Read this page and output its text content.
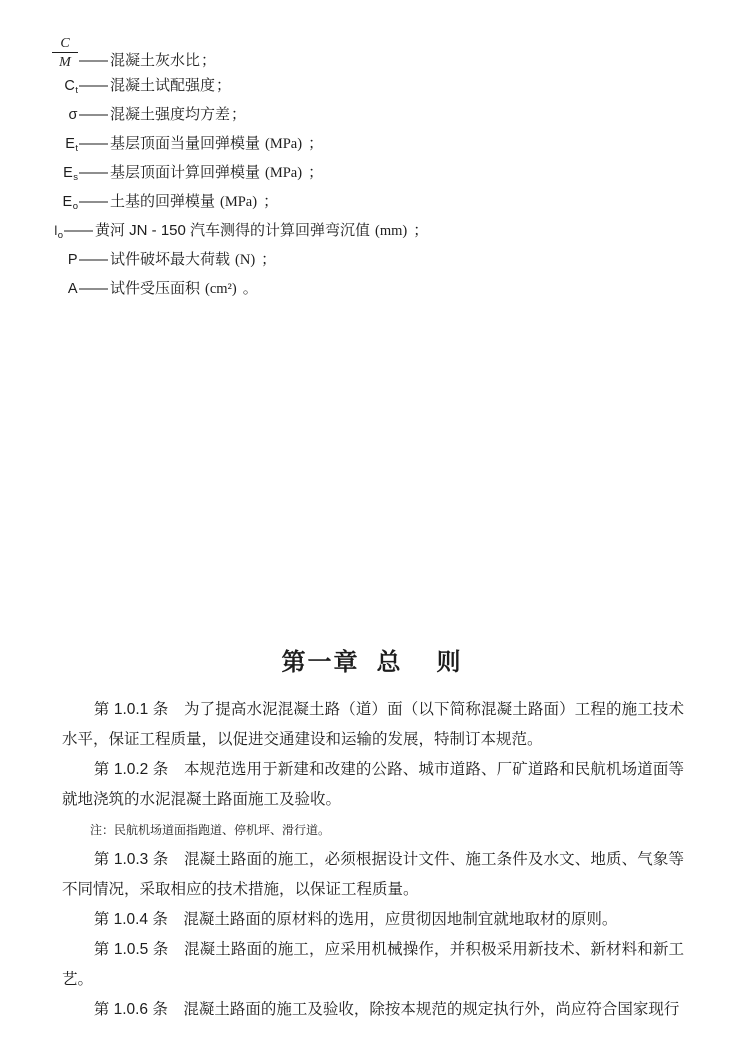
$\frac{C}{M}$ —— 混凝土灰水比 ；
C t —— 混凝土试配强度 ；
σ —— 混凝土强度均方差 ；
E t —— 基层顶面当量回弹模量 (MPa) ；
E s —— 基层顶面计算回弹模量 (MPa) ；
E o —— 土基的回弹模量 (MPa) ；
l o —— 黄河 JN - 150 汽车测得的计算回弹弯沉值 (mm) ；
P —— 试件破坏最大荷载 (N) ；
A —— 试件受压面积 (cm²) 。
第一章 总 则

第 1.0.1 条　为了提高水泥混凝土路（道）面（以下简称混凝土路面）工程的施工技术水平，保证工程质量，以促进交通建设和运输的发展，特制订本规范。

第 1.0.2 条　本规范选用于新建和改建的公路、城市道路、厂矿道路和民航机场道面等就地浇筑的水泥混凝土路面施工及验收。

注：民航机场道面指跑道、停机坪、滑行道。

第 1.0.3 条　混凝土路面的施工，必须根据设计文件、施工条件及水文、地质、气象等不同情况，采取相应的技术措施，以保证工程质量。

第 1.0.4 条　混凝土路面的原材料的选用，应贯彻因地制宜就地取材的原则。

第 1.0.5 条　混凝土路面的施工，应采用机械操作，并积极采用新技术、新材料和新工艺。

第 1.0.6 条　混凝土路面的施工及验收，除按本规范的规定执行外，尚应符合国家现行
